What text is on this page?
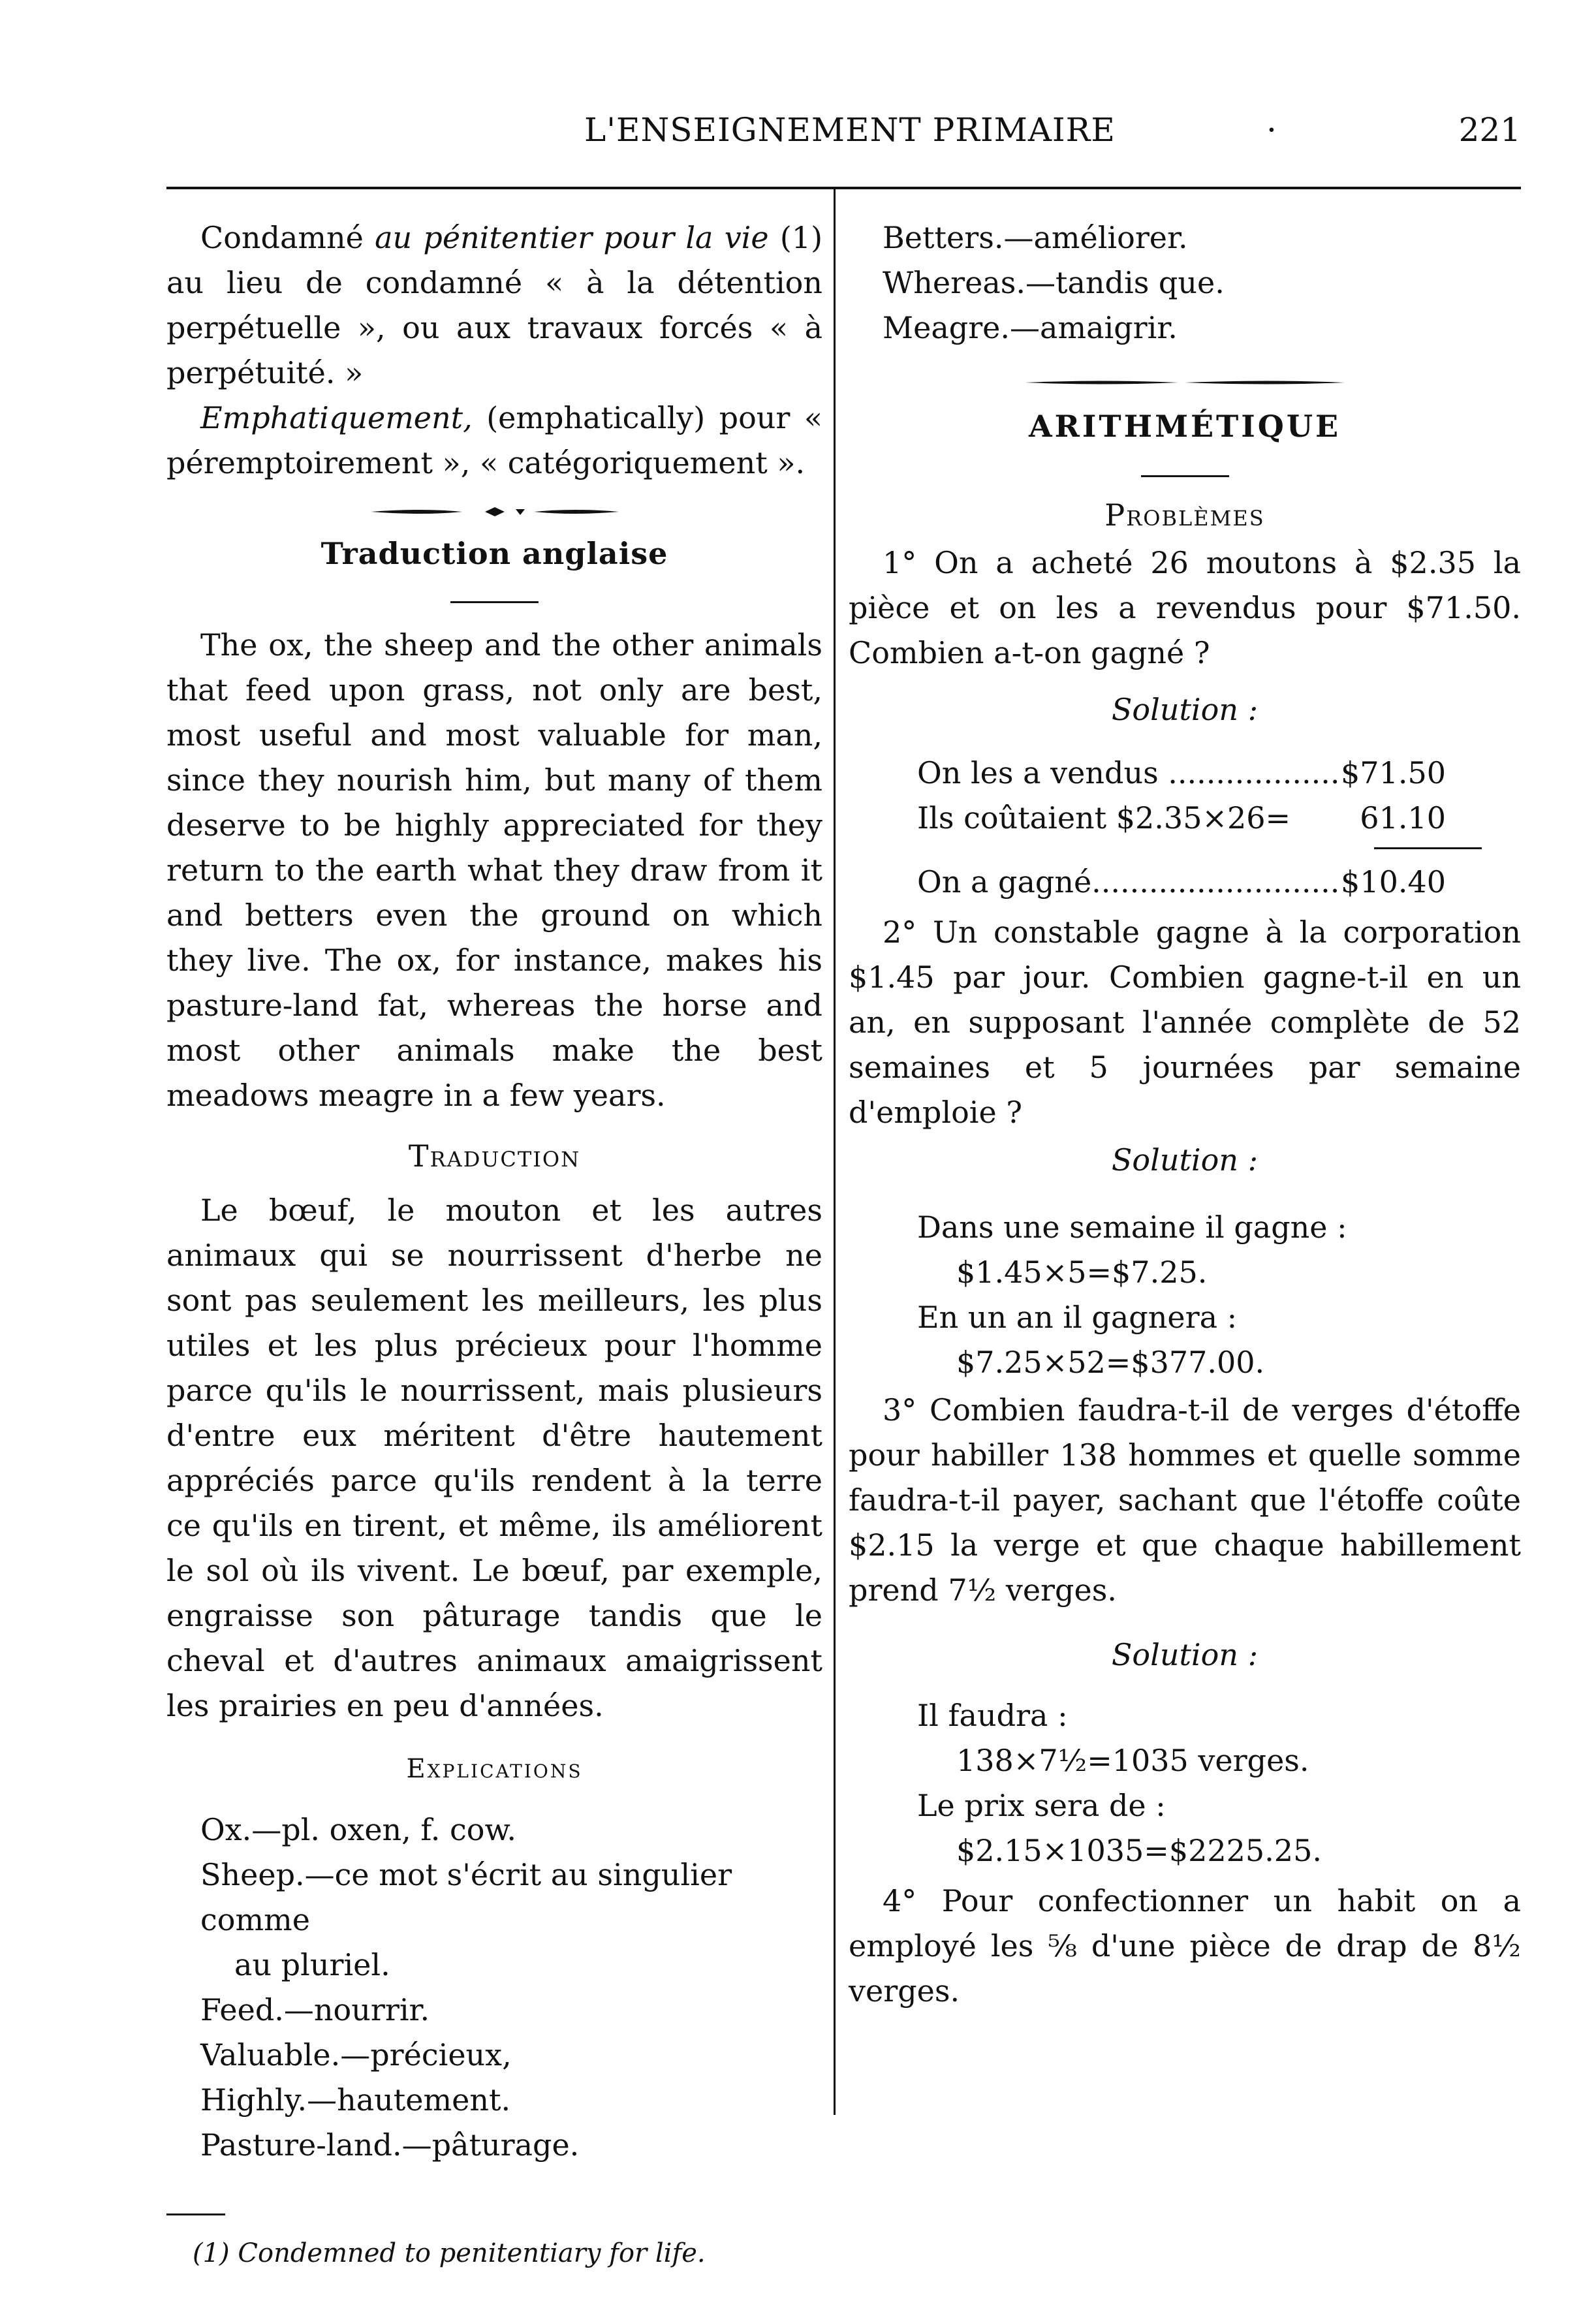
L'ENSEIGNEMENT PRIMAIRE	·	221

Condamné au pénitentier pour la vie (1) au lieu de condamné « à la détention perpétuelle », ou aux travaux forcés « à perpétuité. »

Emphatiquement, (emphatically) pour « péremptoirement », « catégoriquement ».

Traduction anglaise

The ox, the sheep and the other animals that feed upon grass, not only are best, most useful and most valuable for man, since they nourish him, but many of them deserve to be highly appreciated for they return to the earth what they draw from it and betters even the ground on which they live. The ox, for instance, makes his pasture-land fat, whereas the horse and most other animals make the best meadows meagre in a few years.

Traduction

Le bœuf, le mouton et les autres animaux qui se nourrissent d'herbe ne sont pas seulement les meilleurs, les plus utiles et les plus précieux pour l'homme parce qu'ils le nourrissent, mais plusieurs d'entre eux méritent d'être hautement appréciés parce qu'ils rendent à la terre ce qu'ils en tirent, et même, ils améliorent le sol où ils vivent. Le bœuf, par exemple, engraisse son pâturage tandis que le cheval et d'autres animaux amaigrissent les prairies en peu d'années.

Explications

Ox.—pl. oxen, f. cow.

Sheep.—ce mot s'écrit au singulier comme

au pluriel.

Feed.—nourrir.

Valuable.—précieux,

Highly.—hautement.

Pasture-land.—pâturage.

(1) Condemned to penitentiary for life.

Betters.—améliorer.

Whereas.—tandis que.

Meagre.—amaigrir.

ARITHMÉTIQUE

Problèmes

1° On a acheté 26 moutons à $2.35 la pièce et on les a revendus pour $71.50. Combien a-t-on gagné ?

Solution :

On les a vendus .................. $71.50
Ils coûtaient $2.35×26= 61.10
On a gagné.......................... $10.40

2° Un constable gagne à la corporation $1.45 par jour. Combien gagne-t-il en un an, en supposant l'année complète de 52 semaines et 5 journées par semaine d'emploie ?

Solution :

Dans une semaine il gagne :

$1.45×5=$7.25.

En un an il gagnera :

$7.25×52=$377.00.

3° Combien faudra-t-il de verges d'étoffe pour habiller 138 hommes et quelle somme faudra-t-il payer, sachant que l'étoffe coûte $2.15 la verge et que chaque habillement prend 7½ verges.

Solution :

Il faudra :

138×7½=1035 verges.

Le prix sera de :

$2.15×1035=$2225.25.

4° Pour confectionner un habit on a employé les ⅝ d'une pièce de drap de 8½ verges.
